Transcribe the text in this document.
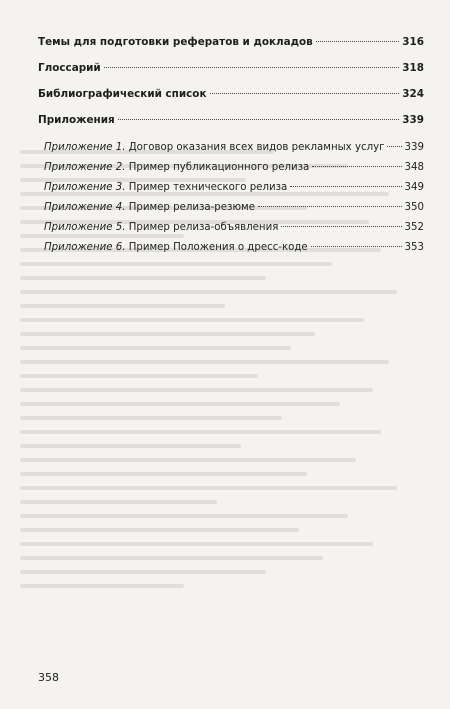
Темы для подготовки рефератов и докладов	316
Глоссарий	318
Библиографический список	324
Приложения	339
Приложение 1. Договор оказания всех видов рекламных услуг 339
Приложение 2. Пример публикационного релиза	348
Приложение 3. Пример технического релиза	349
Приложение 4. Пример релиза-резюме	350
Приложение 5. Пример релиза-объявления	352
Приложение 6. Пример Положения о дресс-коде	353
358
